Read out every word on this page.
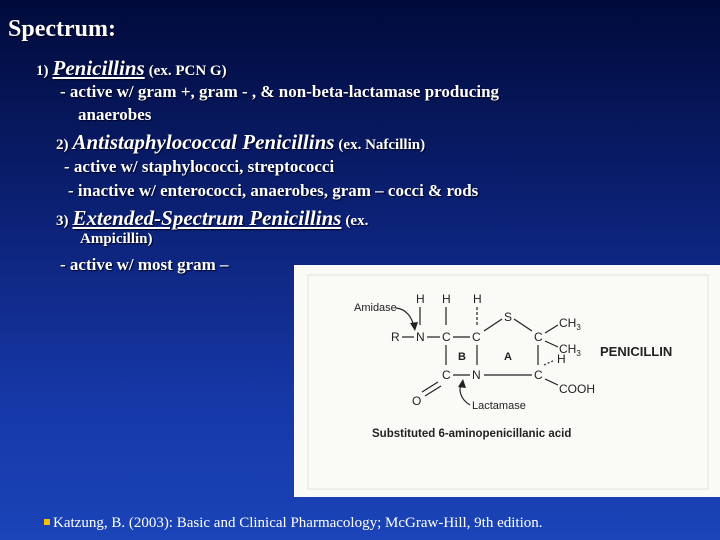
Spectrum:
1) Penicillins (ex. PCN G)
- active w/ gram +, gram - , & non-beta-lactamase producing
anaerobes
2) Antistaphylococcal Penicillins (ex. Nafcillin)
- active w/ staphylococci, streptococci
- inactive w/ enterococci, anaerobes, gram – cocci & rods
3) Extended-Spectrum Penicillins (ex.
Ampicillin)
- active w/ most gram –
Amidase
R N C C
H H H
S
C
$CH_3$
$CH_3$
B	A	H
C N	C
COOH
O	Lactamase
PENICILLIN
Substituted 6-aminopenicillanic acid
Katzung, B. (2003): Basic and Clinical Pharmacology; McGraw-Hill, 9th edition.
